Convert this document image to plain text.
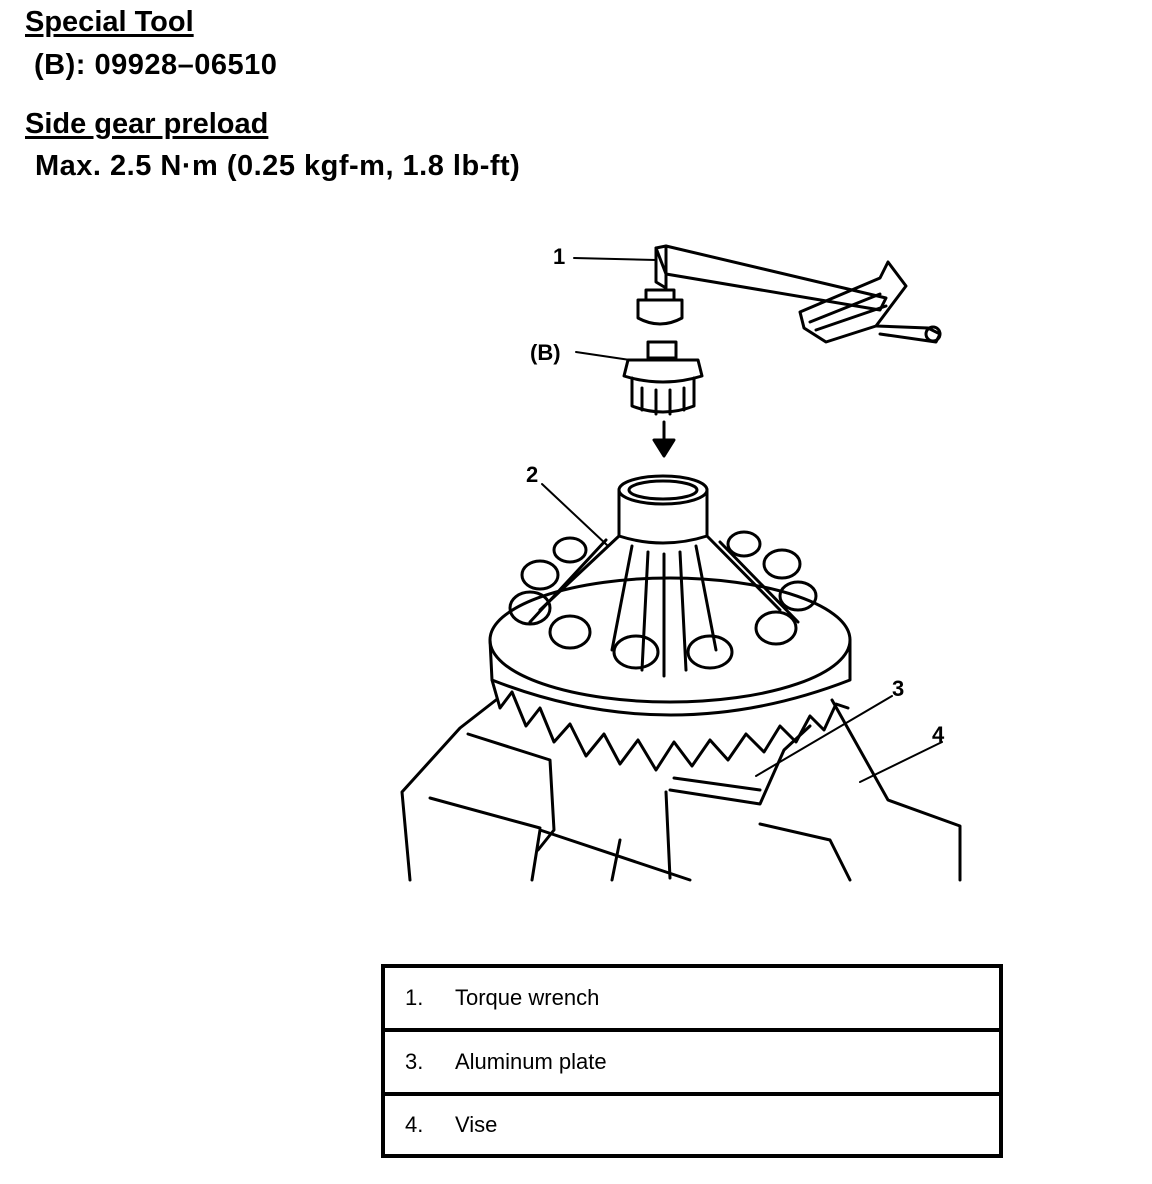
Special Tool

(B): 09928–06510

Side gear preload

Max. 2.5 N·m (0.25 kgf-m, 1.8 lb-ft)

1
(B)
2
3
4
1.	Torque wrench
3.	Aluminum plate
4.	Vise
